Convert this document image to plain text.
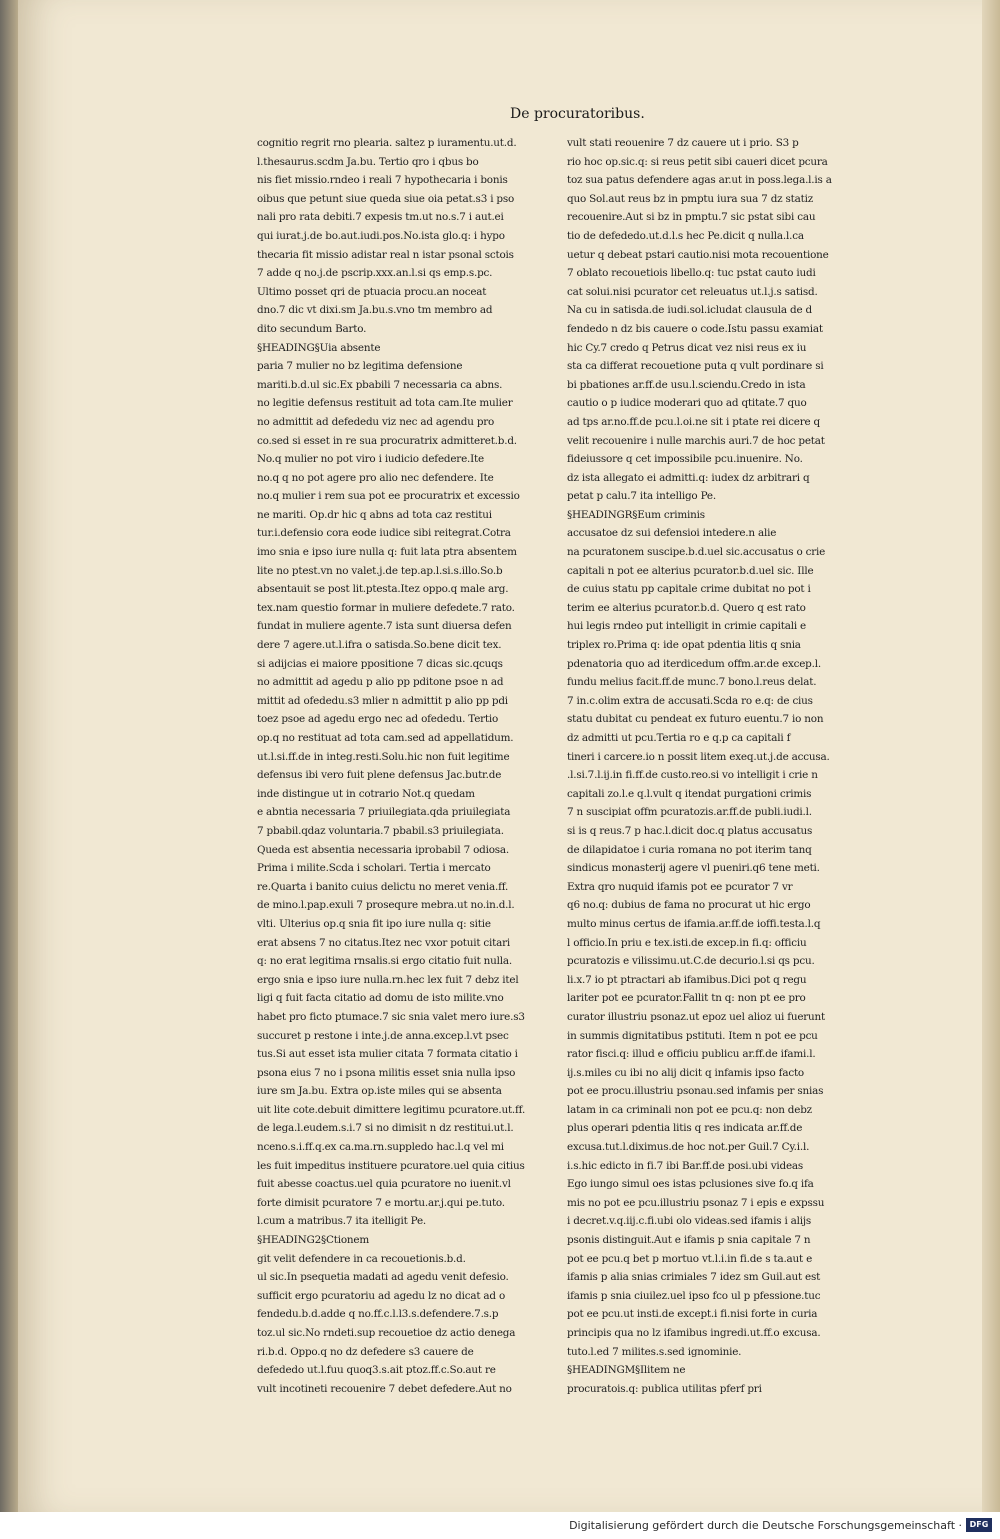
De procuratoribus.
cognitio regrit rno plearia. saltez p iuramentu.ut.d.
l.thesaurus.scdm Ja.bu. Tertio qro i qbus bo
nis fiet missio.rndeo i reali 7 hypothecaria i bonis
oibus que petunt siue queda siue oia petat.s3 i pso
nali pro rata debiti.7 expesis tm.ut no.s.7 i aut.ei
qui iurat.j.de bo.aut.iudi.pos.No.ista glo.q: i hypo
thecaria fit missio adistar real n istar psonal sctois
7 adde q no.j.de pscrip.xxx.an.l.si qs emp.s.pc.
Ultimo posset qri de ptuacia procu.an noceat
dno.7 dic vt dixi.sm Ja.bu.s.vno tm membro ad
dito secundum Barto.
§HEADING§Uia absente
paria 7 mulier no bz legitima defensione
mariti.b.d.ul sic.Ex pbabili 7 necessaria ca abns.
no legitie defensus restituit ad tota cam.Ite mulier
no admittit ad defededu viz nec ad agendu pro
co.sed si esset in re sua procuratrix admitteret.b.d.
No.q mulier no pot viro i iudicio defedere.Ite
no.q q no pot agere pro alio nec defendere. Ite
no.q mulier i rem sua pot ee procuratrix et excessio
ne mariti. Op.dr hic q abns ad tota caz restitui
tur.i.defensio cora eode iudice sibi reitegrat.Cotra
imo snia e ipso iure nulla q: fuit lata ptra absentem
lite no ptest.vn no valet.j.de tep.ap.l.si.s.illo.So.b
absentauit se post lit.ptesta.Itez oppo.q male arg.
tex.nam questio formar in muliere defedete.7 rato.
fundat in muliere agente.7 ista sunt diuersa defen
dere 7 agere.ut.l.ifra o satisda.So.bene dicit tex.
si adijcias ei maiore ppositione 7 dicas sic.qcuqs
no admittit ad agedu p alio pp pditone psoe n ad
mittit ad ofededu.s3 mlier n admittit p alio pp pdi
toez psoe ad agedu ergo nec ad ofededu. Tertio
op.q no restituat ad tota cam.sed ad appellatidum.
ut.l.si.ff.de in integ.resti.Solu.hic non fuit legitime
defensus ibi vero fuit plene defensus Jac.butr.de
inde distingue ut in cotrario Not.q quedam
e abntia necessaria 7 priuilegiata.qda priuilegiata
7 pbabil.qdaz voluntaria.7 pbabil.s3 priuilegiata.
Queda est absentia necessaria iprobabil 7 odiosa.
Prima i milite.Scda i scholari. Tertia i mercato
re.Quarta i banito cuius delictu no meret venia.ff.
de mino.l.pap.exuli 7 prosequre mebra.ut no.in.d.l.
vlti. Ulterius op.q snia fit ipo iure nulla q: sitie
erat absens 7 no citatus.Itez nec vxor potuit citari
q: no erat legitima rnsalis.si ergo citatio fuit nulla.
ergo snia e ipso iure nulla.rn.hec lex fuit 7 debz itel
ligi q fuit facta citatio ad domu de isto milite.vno
habet pro ficto ptumace.7 sic snia valet mero iure.s3
succuret p restone i inte.j.de anna.excep.l.vt psec
tus.Si aut esset ista mulier citata 7 formata citatio i
psona eius 7 no i psona militis esset snia nulla ipso
iure sm Ja.bu. Extra op.iste miles qui se absenta
uit lite cote.debuit dimittere legitimu pcuratore.ut.ff.
de lega.l.eudem.s.i.7 si no dimisit n dz restitui.ut.l.
nceno.s.i.ff.q.ex ca.ma.rn.suppledo hac.l.q vel mi
les fuit impeditus instituere pcuratore.uel quia citius
fuit abesse coactus.uel quia pcuratore no iuenit.vl
forte dimisit pcuratore 7 e mortu.ar.j.qui pe.tuto.
l.cum a matribus.7 ita itelligit Pe.
§HEADING2§Ctionem
git velit defendere in ca recouetionis.b.d.
ul sic.In psequetia madati ad agedu venit defesio.
sufficit ergo pcuratoriu ad agedu lz no dicat ad o
fendedu.b.d.adde q no.ff.c.l.l3.s.defendere.7.s.p
toz.ul sic.No rndeti.sup recouetioe dz actio denega
ri.b.d. Oppo.q no dz defedere s3 cauere de
defededo ut.l.fuu quoq3.s.ait ptoz.ff.c.So.aut re
vult incotineti recouenire 7 debet defedere.Aut no
vult stati reouenire 7 dz cauere ut i prio. S3 p
rio hoc op.sic.q: si reus petit sibi caueri dicet pcura
toz sua patus defendere agas ar.ut in poss.lega.l.is a
quo Sol.aut reus bz in pmptu iura sua 7 dz statiz
recouenire.Aut si bz in pmptu.7 sic pstat sibi cau
tio de defededo.ut.d.l.s hec Pe.dicit q nulla.l.ca
uetur q debeat pstari cautio.nisi mota recouentione
7 oblato recouetiois libello.q: tuc pstat cauto iudi
cat solui.nisi pcurator cet releuatus ut.l.j.s satisd.
Na cu in satisda.de iudi.sol.icludat clausula de d
fendedo n dz bis cauere o code.Istu passu examiat
hic Cy.7 credo q Petrus dicat vez nisi reus ex iu
sta ca differat recouetione puta q vult pordinare si
bi pbationes ar.ff.de usu.l.sciendu.Credo in ista
cautio o p iudice moderari quo ad qtitate.7 quo
ad tps ar.no.ff.de pcu.l.oi.ne sit i ptate rei dicere q
velit recouenire i nulle marchis auri.7 de hoc petat
fideiussore q cet impossibile pcu.inuenire. No.
dz ista allegato ei admitti.q: iudex dz arbitrari q
petat p calu.7 ita intelligo Pe.
§HEADINGR§Eum criminis
accusatoe dz sui defensioi intedere.n alie
na pcuratonem suscipe.b.d.uel sic.accusatus o crie
capitali n pot ee alterius pcurator.b.d.uel sic. Ille
de cuius statu pp capitale crime dubitat no pot i
terim ee alterius pcurator.b.d. Quero q est rato
hui legis rndeo put intelligit in crimie capitali e
triplex ro.Prima q: ide opat pdentia litis q snia
pdenatoria quo ad iterdicedum offm.ar.de excep.l.
fundu melius facit.ff.de munc.7 bono.l.reus delat.
7 in.c.olim extra de accusati.Scda ro e.q: de cius
statu dubitat cu pendeat ex futuro euentu.7 io non
dz admitti ut pcu.Tertia ro e q.p ca capitali f
tineri i carcere.io n possit litem exeq.ut.j.de accusa.
.l.si.7.l.ij.in fi.ff.de custo.reo.si vo intelligit i crie n
capitali zo.l.e q.l.vult q itendat purgationi crimis
7 n suscipiat offm pcuratozis.ar.ff.de publi.iudi.l.
si is q reus.7 p hac.l.dicit doc.q platus accusatus
de dilapidatoe i curia romana no pot iterim tanq
sindicus monasterij agere vl pueniri.q6 tene meti.
Extra qro nuquid ifamis pot ee pcurator 7 vr
q6 no.q: dubius de fama no procurat ut hic ergo
multo minus certus de ifamia.ar.ff.de ioffi.testa.l.q
l officio.In priu e tex.isti.de excep.in fi.q: officiu
pcuratozis e vilissimu.ut.C.de decurio.l.si qs pcu.
li.x.7 io pt ptractari ab ifamibus.Dici pot q regu
lariter pot ee pcurator.Fallit tn q: non pt ee pro
curator illustriu psonaz.ut epoz uel alioz ui fuerunt
in summis dignitatibus pstituti. Item n pot ee pcu
rator fisci.q: illud e officiu publicu ar.ff.de ifami.l.
ij.s.miles cu ibi no alij dicit q infamis ipso facto
pot ee procu.illustriu psonau.sed infamis per snias
latam in ca criminali non pot ee pcu.q: non debz
plus operari pdentia litis q res indicata ar.ff.de
excusa.tut.l.diximus.de hoc not.per Guil.7 Cy.i.l.
i.s.hic edicto in fi.7 ibi Bar.ff.de posi.ubi videas
Ego iungo simul oes istas pclusiones sive fo.q ifa
mis no pot ee pcu.illustriu psonaz 7 i epis e expssu
i decret.v.q.iij.c.fi.ubi olo videas.sed ifamis i alijs
psonis distinguit.Aut e ifamis p snia capitale 7 n
pot ee pcu.q bet p mortuo vt.l.i.in fi.de s ta.aut e
ifamis p alia snias crimiales 7 idez sm Guil.aut est
ifamis p snia ciuilez.uel ipso fco ul p pfessione.tuc
pot ee pcu.ut insti.de except.i fi.nisi forte in curia
principis qua no lz ifamibus ingredi.ut.ff.o excusa.
tuto.l.ed 7 milites.s.sed ignominie.
§HEADINGM§Ilitem ne
procuratois.q: publica utilitas pferf pri
Digitalisierung gefördert durch die Deutsche Forschungsgemeinschaft · DFG
